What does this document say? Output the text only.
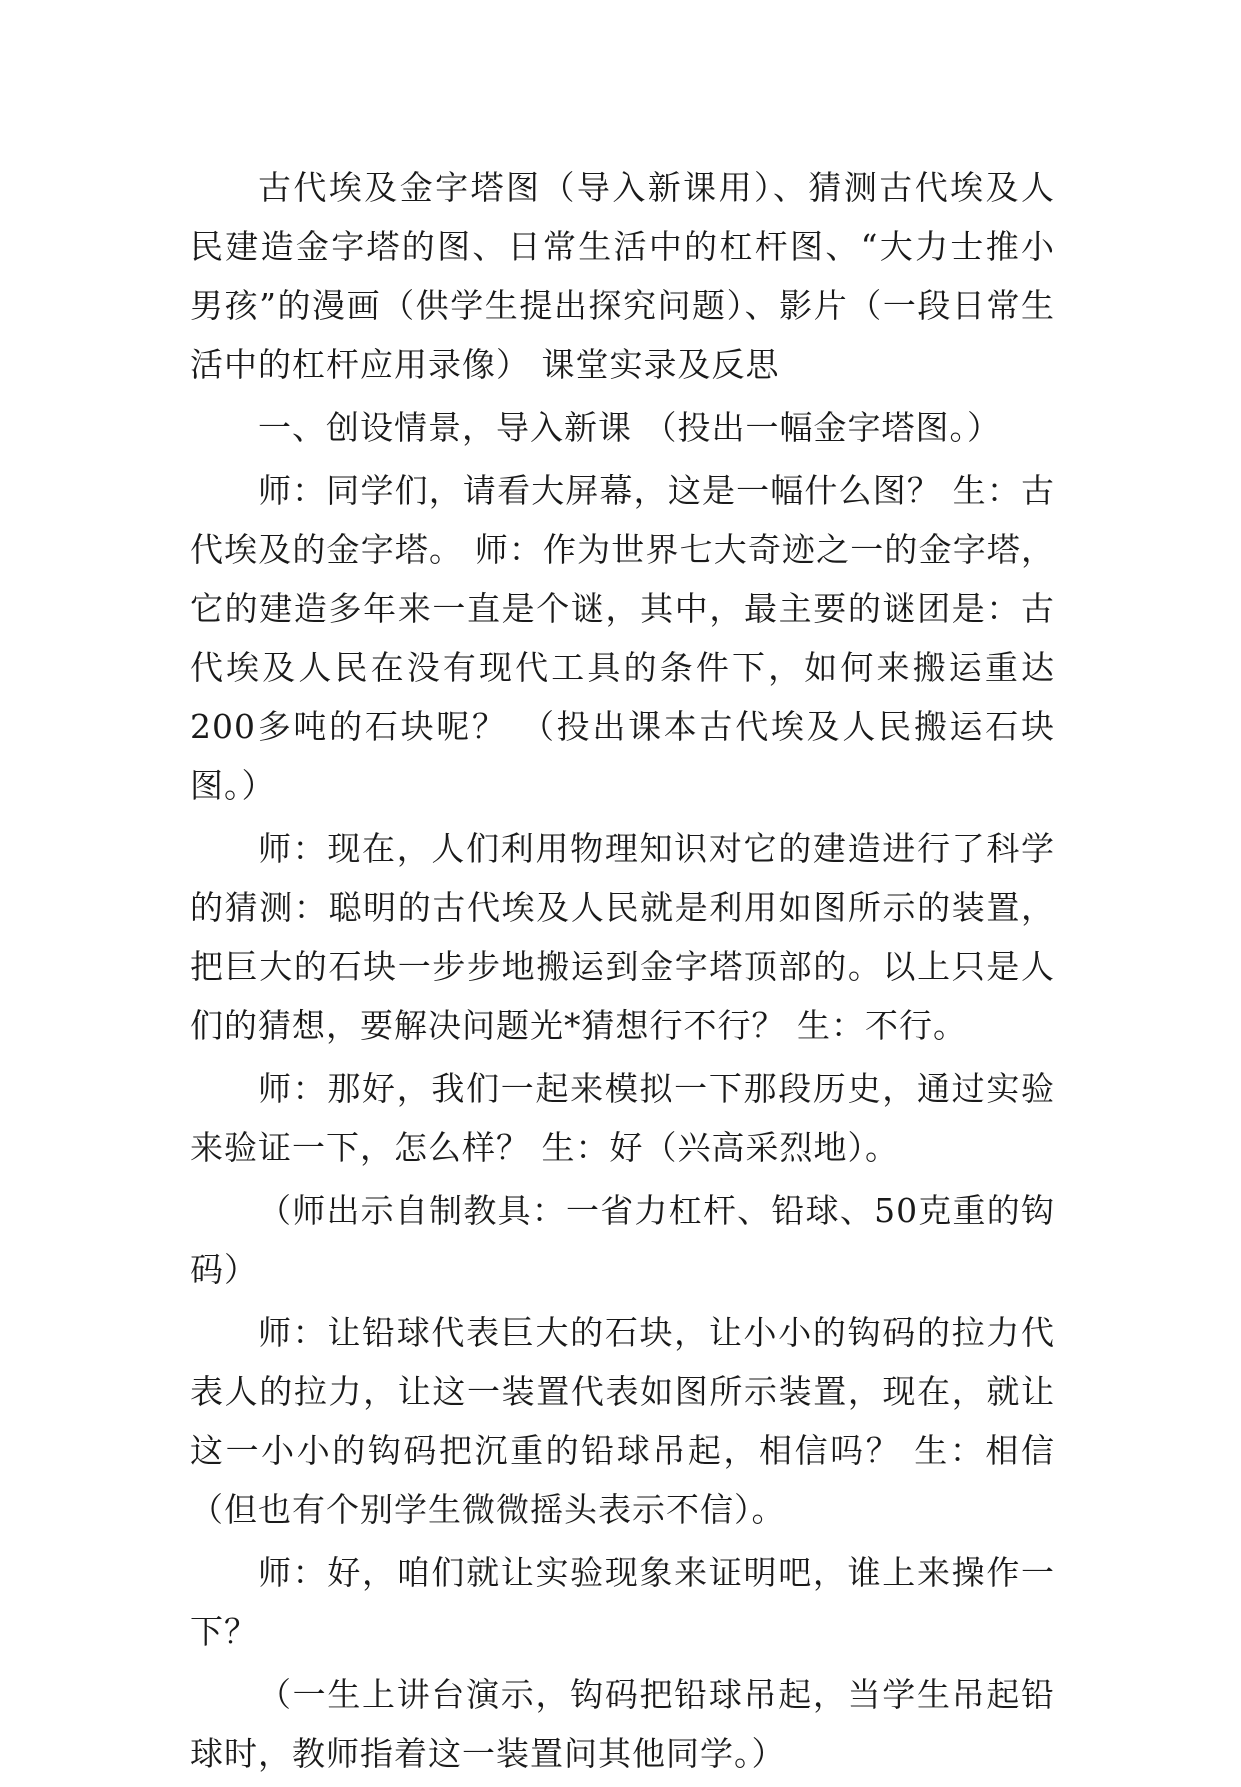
古代埃及金字塔图（导入新课用）、猜测古代埃及人民建造金字塔的图、日常生活中的杠杆图、“大力士推小男孩”的漫画（供学生提出探究问题）、影片（一段日常生活中的杠杆应用录像） 课堂实录及反思

一、创设情景，导入新课 （投出一幅金字塔图。）

师：同学们，请看大屏幕，这是一幅什么图？ 生：古代埃及的金字塔。 师：作为世界七大奇迹之一的金字塔，它的建造多年来一直是个谜，其中，最主要的谜团是：古代埃及人民在没有现代工具的条件下，如何来搬运重达200多吨的石块呢？ （投出课本古代埃及人民搬运石块图。）

师：现在，人们利用物理知识对它的建造进行了科学的猜测：聪明的古代埃及人民就是利用如图所示的装置，把巨大的石块一步步地搬运到金字塔顶部的。以上只是人们的猜想，要解决问题光*猜想行不行？ 生：不行。

师：那好，我们一起来模拟一下那段历史，通过实验来验证一下，怎么样？ 生：好（兴高采烈地）。

（师出示自制教具：一省力杠杆、铅球、50克重的钩码）

师：让铅球代表巨大的石块，让小小的钩码的拉力代表人的拉力，让这一装置代表如图所示装置，现在，就让这一小小的钩码把沉重的铅球吊起，相信吗？ 生：相信（但也有个别学生微微摇头表示不信）。

师：好，咱们就让实验现象来证明吧，谁上来操作一下？

（一生上讲台演示，钩码把铅球吊起，当学生吊起铅球时，教师指着这一装置问其他同学。）
